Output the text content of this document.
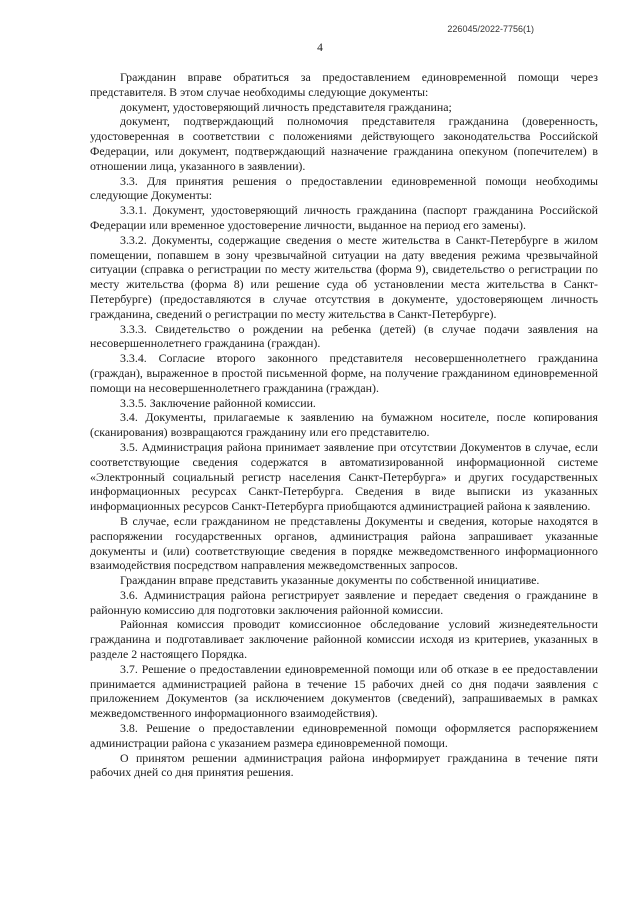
226045/2022-7756(1)
4

Гражданин вправе обратиться за предоставлением единовременной помощи через представителя. В этом случае необходимы следующие документы:

документ, удостоверяющий личность представителя гражданина;

документ, подтверждающий полномочия представителя гражданина (доверенность, удостоверенная в соответствии с положениями действующего законодательства Российской Федерации, или документ, подтверждающий назначение гражданина опекуном (попечителем) в отношении лица, указанного в заявлении).

3.3. Для принятия решения о предоставлении единовременной помощи необходимы следующие Документы:

3.3.1. Документ, удостоверяющий личность гражданина (паспорт гражданина Российской Федерации или временное удостоверение личности, выданное на период его замены).

3.3.2. Документы, содержащие сведения о месте жительства в Санкт-Петербурге в жилом помещении, попавшем в зону чрезвычайной ситуации на дату введения режима чрезвычайной ситуации (справка о регистрации по месту жительства (форма 9), свидетельство о регистрации по месту жительства (форма 8) или решение суда об установлении места жительства в Санкт-Петербурге) (предоставляются в случае отсутствия в документе, удостоверяющем личность гражданина, сведений о регистрации по месту жительства в Санкт-Петербурге).

3.3.3. Свидетельство о рождении на ребенка (детей) (в случае подачи заявления на несовершеннолетнего гражданина (граждан).

3.3.4. Согласие второго законного представителя несовершеннолетнего гражданина (граждан), выраженное в простой письменной форме, на получение гражданином единовременной помощи на несовершеннолетнего гражданина (граждан).

3.3.5. Заключение районной комиссии.

3.4. Документы, прилагаемые к заявлению на бумажном носителе, после копирования (сканирования) возвращаются гражданину или его представителю.

3.5. Администрация района принимает заявление при отсутствии Документов в случае, если соответствующие сведения содержатся в автоматизированной информационной системе «Электронный социальный регистр населения Санкт-Петербурга» и других государственных информационных ресурсах Санкт-Петербурга. Сведения в виде выписки из указанных информационных ресурсов Санкт-Петербурга приобщаются администрацией района к заявлению.

В случае, если гражданином не представлены Документы и сведения, которые находятся в распоряжении государственных органов, администрация района запрашивает указанные документы и (или) соответствующие сведения в порядке межведомственного информационного взаимодействия посредством направления межведомственных запросов.

Гражданин вправе представить указанные документы по собственной инициативе.

3.6. Администрация района регистрирует заявление и передает сведения о гражданине в районную комиссию для подготовки заключения районной комиссии.

Районная комиссия проводит комиссионное обследование условий жизнедеятельности гражданина и подготавливает заключение районной комиссии исходя из критериев, указанных в разделе 2 настоящего Порядка.

3.7. Решение о предоставлении единовременной помощи или об отказе в ее предоставлении принимается администрацией района в течение 15 рабочих дней со дня подачи заявления с приложением Документов (за исключением документов (сведений), запрашиваемых в рамках межведомственного информационного взаимодействия).

3.8. Решение о предоставлении единовременной помощи оформляется распоряжением администрации района с указанием размера единовременной помощи.

О принятом решении администрация района информирует гражданина в течение пяти рабочих дней со дня принятия решения.
